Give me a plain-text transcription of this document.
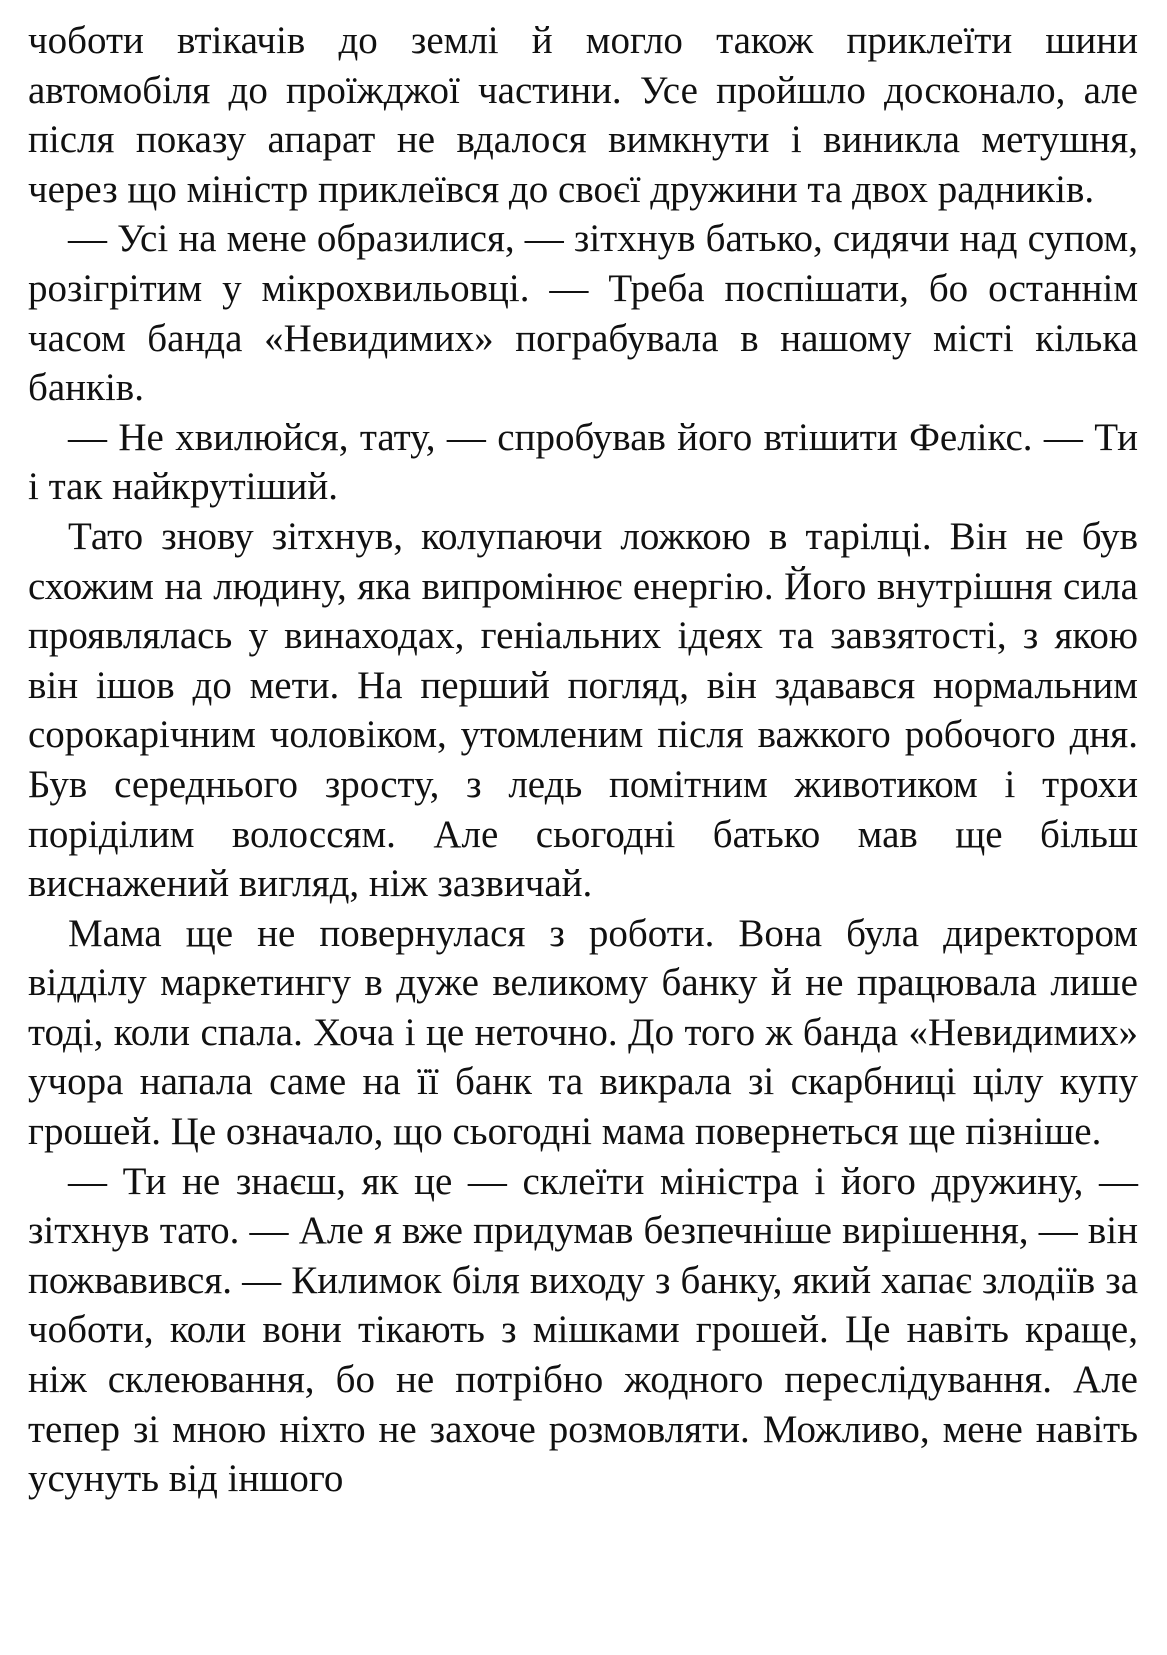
чоботи втікачів до землі й могло також приклеїти шини автомобіля до проїжджої частини. Усе пройшло досконало, але після показу апарат не вдалося вимкнути і виникла метушня, через що міністр приклеївся до своєї дружини та двох радників.

— Усі на мене образилися, — зітхнув батько, сидячи над супом, розігрітим у мікрохвильовці. — Треба поспішати, бо останнім часом банда «Невидимих» пограбувала в нашому місті кілька банків.

— Не хвилюйся, тату, — спробував його втішити Фелікс. — Ти і так найкрутіший.

Тато знову зітхнув, колупаючи ложкою в тарілці. Він не був схожим на людину, яка випромінює енергію. Його внутрішня сила проявлялась у винаходах, геніальних ідеях та завзятості, з якою він ішов до мети. На перший погляд, він здавався нормальним сорокарічним чоловіком, утомленим після важкого робочого дня. Був середнього зросту, з ледь помітним животиком і трохи порідiлим волоссям. Але сьогодні батько мав ще більш виснажений вигляд, ніж зазвичай.

Мама ще не повернулася з роботи. Вона була директором відділу маркетингу в дуже великому банку й не працювала лише тоді, коли спала. Хоча і це неточно. До того ж банда «Невидимих» учора напала саме на її банк та викрала зі скарбниці цілу купу грошей. Це означало, що сьогодні мама повернеться ще пізніше.

— Ти не знаєш, як це — склеїти міністра і його дружину, — зітхнув тато. — Але я вже придумав безпечніше вирішення, — він пожвавився. — Килимок біля виходу з банку, який хапає злодіїв за чоботи, коли вони тікають з мішками грошей. Це навіть краще, ніж склеювання, бо не потрібно жодного переслідування. Але тепер зі мною ніхто не захоче розмовляти. Можливо, мене навіть усунуть від іншого
